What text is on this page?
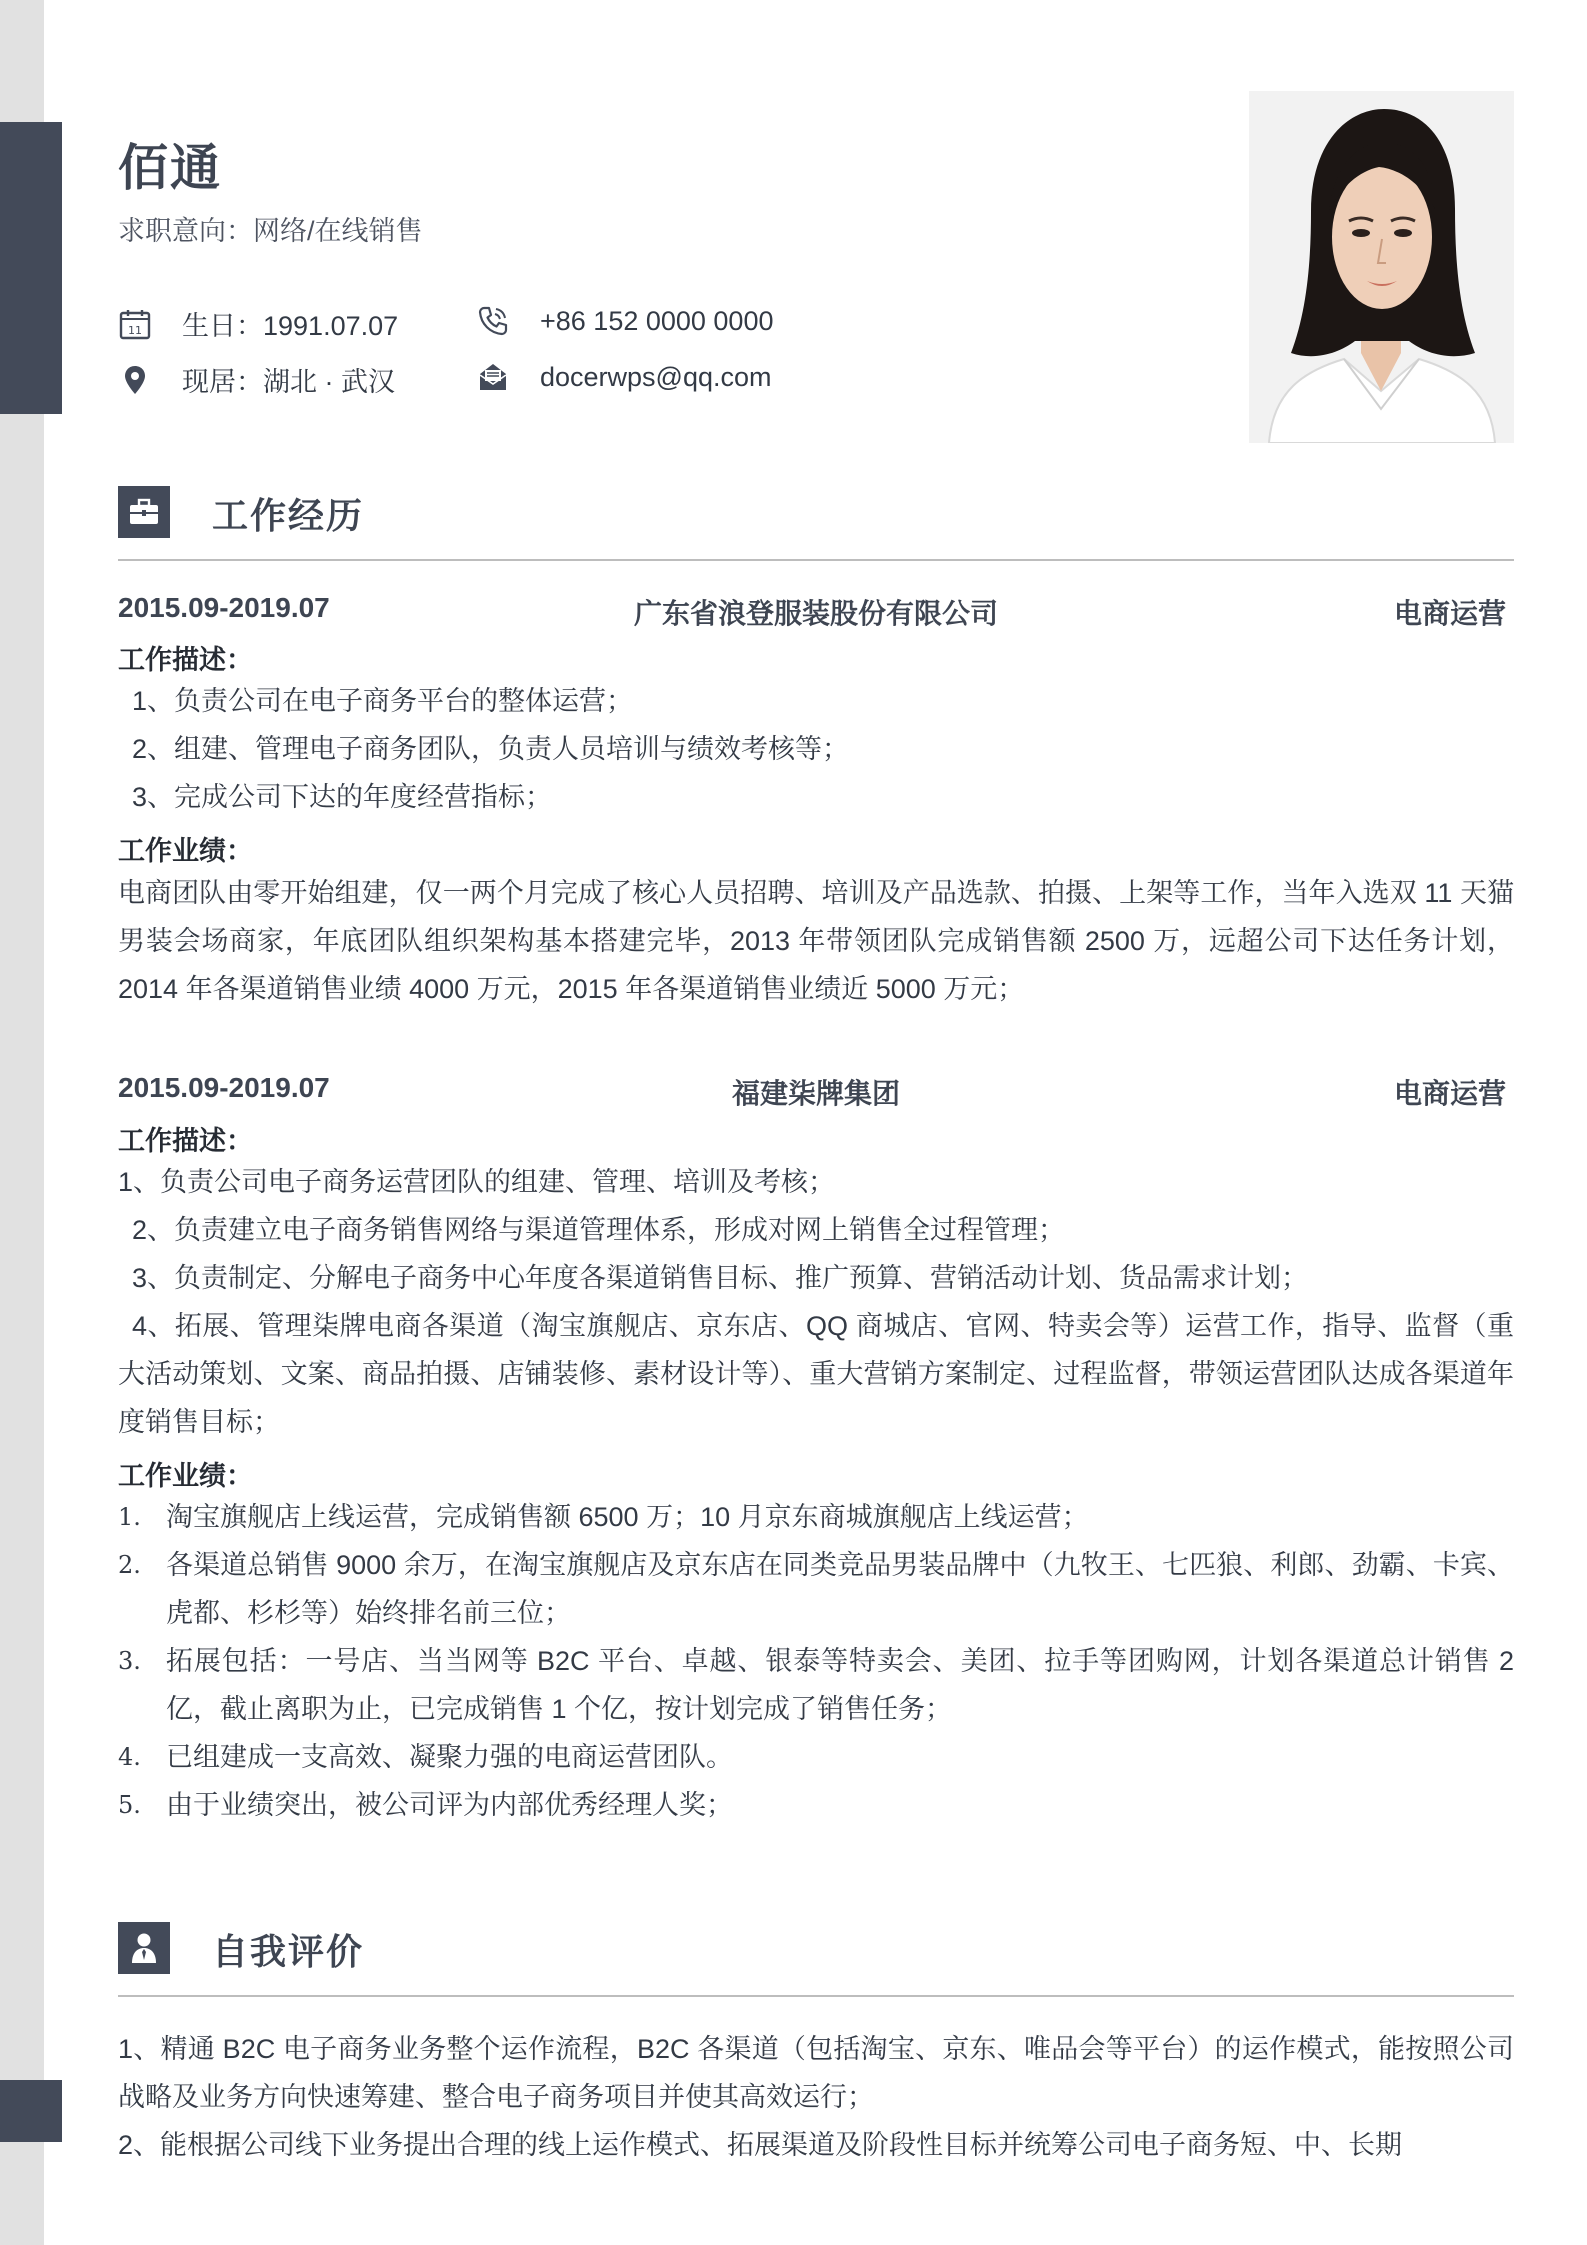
佰通
求职意向：网络/在线销售
11 生日：1991.07.07	+86 152 0000 0000
现居：湖北 · 武汉	docerwps@qq.com
工作经历
2015.09-2019.07	广东省浪登服装股份有限公司	电商运营
工作描述：
1、负责公司在电子商务平台的整体运营；
2、组建、管理电子商务团队，负责人员培训与绩效考核等；
3、完成公司下达的年度经营指标；
工作业绩：
电商团队由零开始组建，仅一两个月完成了核心人员招聘、培训及产品选款、拍摄、上架等工作，当年入选双 11 天猫男装会场商家，年底团队组织架构基本搭建完毕，2013 年带领团队完成销售额 2500 万，远超公司下达任务计划，2014 年各渠道销售业绩 4000 万元，2015 年各渠道销售业绩近 5000 万元；
2015.09-2019.07	福建柒牌集团	电商运营
工作描述：
1、负责公司电子商务运营团队的组建、管理、培训及考核；
2、负责建立电子商务销售网络与渠道管理体系，形成对网上销售全过程管理；
3、负责制定、分解电子商务中心年度各渠道销售目标、推广预算、营销活动计划、货品需求计划；
4、拓展、管理柒牌电商各渠道（淘宝旗舰店、京东店、QQ 商城店、官网、特卖会等）运营工作，指导、监督（重大活动策划、文案、商品拍摄、店铺装修、素材设计等）、重大营销方案制定、过程监督，带领运营团队达成各渠道年度销售目标；
工作业绩：
1. 淘宝旗舰店上线运营，完成销售额 6500 万；10 月京东商城旗舰店上线运营；
2. 各渠道总销售 9000 余万，在淘宝旗舰店及京东店在同类竞品男装品牌中（九牧王、七匹狼、利郎、劲霸、卡宾、虎都、杉杉等）始终排名前三位；
3. 拓展包括：一号店、当当网等 B2C 平台、卓越、银泰等特卖会、美团、拉手等团购网，计划各渠道总计销售 2 亿，截止离职为止，已完成销售 1 个亿，按计划完成了销售任务；
4. 已组建成一支高效、凝聚力强的电商运营团队。
5. 由于业绩突出，被公司评为内部优秀经理人奖；
自我评价
1、精通 B2C 电子商务业务整个运作流程，B2C 各渠道（包括淘宝、京东、唯品会等平台）的运作模式，能按照公司战略及业务方向快速筹建、整合电子商务项目并使其高效运行；
2、能根据公司线下业务提出合理的线上运作模式、拓展渠道及阶段性目标并统筹公司电子商务短、中、长期
